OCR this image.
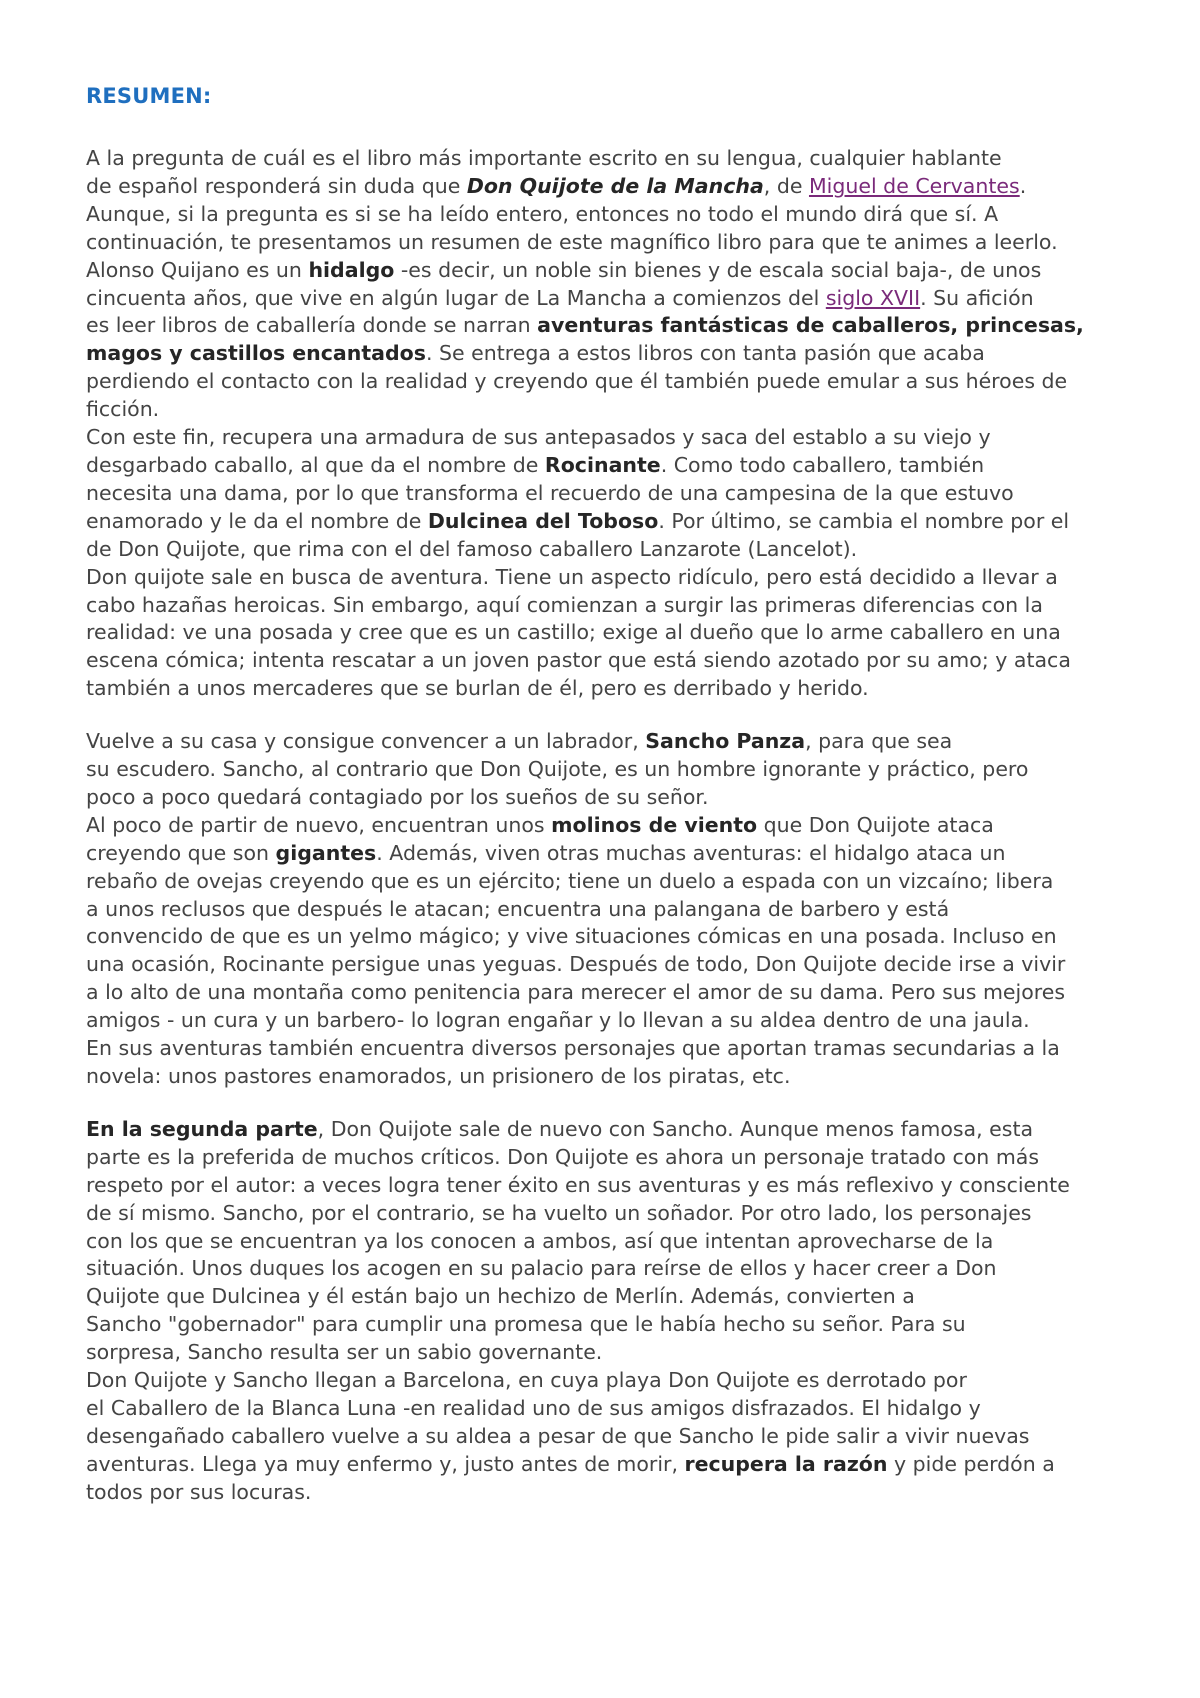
RESUMEN:
A la pregunta de cuál es el libro más importante escrito en su lengua, cualquier hablante
de español responderá sin duda que Don Quijote de la Mancha, de Miguel de Cervantes.
Aunque, si la pregunta es si se ha leído entero, entonces no todo el mundo dirá que sí. A
continuación, te presentamos un resumen de este magnífico libro para que te animes a leerlo.
Alonso Quijano es un hidalgo -es decir, un noble sin bienes y de escala social baja-, de unos
cincuenta años, que vive en algún lugar de La Mancha a comienzos del siglo XVII. Su afición
es leer libros de caballería donde se narran aventuras fantásticas de caballeros, princesas,
magos y castillos encantados. Se entrega a estos libros con tanta pasión que acaba
perdiendo el contacto con la realidad y creyendo que él también puede emular a sus héroes de
ficción.
Con este fin, recupera una armadura de sus antepasados y saca del establo a su viejo y
desgarbado caballo, al que da el nombre de Rocinante. Como todo caballero, también
necesita una dama, por lo que transforma el recuerdo de una campesina de la que estuvo
enamorado y le da el nombre de Dulcinea del Toboso. Por último, se cambia el nombre por el
de Don Quijote, que rima con el del famoso caballero Lanzarote (Lancelot).
Don quijote sale en busca de aventura. Tiene un aspecto ridículo, pero está decidido a llevar a
cabo hazañas heroicas. Sin embargo, aquí comienzan a surgir las primeras diferencias con la
realidad: ve una posada y cree que es un castillo; exige al dueño que lo arme caballero en una
escena cómica; intenta rescatar a un joven pastor que está siendo azotado por su amo; y ataca
también a unos mercaderes que se burlan de él, pero es derribado y herido.
Vuelve a su casa y consigue convencer a un labrador, Sancho Panza, para que sea
su escudero. Sancho, al contrario que Don Quijote, es un hombre ignorante y práctico, pero
poco a poco quedará contagiado por los sueños de su señor.
Al poco de partir de nuevo, encuentran unos molinos de viento que Don Quijote ataca
creyendo que son gigantes. Además, viven otras muchas aventuras: el hidalgo ataca un
rebaño de ovejas creyendo que es un ejército; tiene un duelo a espada con un vizcaíno; libera
a unos reclusos que después le atacan; encuentra una palangana de barbero y está
convencido de que es un yelmo mágico; y vive situaciones cómicas en una posada. Incluso en
una ocasión, Rocinante persigue unas yeguas. Después de todo, Don Quijote decide irse a vivir
a lo alto de una montaña como penitencia para merecer el amor de su dama. Pero sus mejores
amigos - un cura y un barbero- lo logran engañar y lo llevan a su aldea dentro de una jaula.
En sus aventuras también encuentra diversos personajes que aportan tramas secundarias a la
novela: unos pastores enamorados, un prisionero de los piratas, etc.
En la segunda parte, Don Quijote sale de nuevo con Sancho. Aunque menos famosa, esta
parte es la preferida de muchos críticos. Don Quijote es ahora un personaje tratado con más
respeto por el autor: a veces logra tener éxito en sus aventuras y es más reflexivo y consciente
de sí mismo. Sancho, por el contrario, se ha vuelto un soñador. Por otro lado, los personajes
con los que se encuentran ya los conocen a ambos, así que intentan aprovecharse de la
situación. Unos duques los acogen en su palacio para reírse de ellos y hacer creer a Don
Quijote que Dulcinea y él están bajo un hechizo de Merlín. Además, convierten a
Sancho "gobernador" para cumplir una promesa que le había hecho su señor. Para su
sorpresa, Sancho resulta ser un sabio governante.
Don Quijote y Sancho llegan a Barcelona, en cuya playa Don Quijote es derrotado por
el Caballero de la Blanca Luna -en realidad uno de sus amigos disfrazados. El hidalgo y
desengañado caballero vuelve a su aldea a pesar de que Sancho le pide salir a vivir nuevas
aventuras. Llega ya muy enfermo y, justo antes de morir, recupera la razón y pide perdón a
todos por sus locuras.
